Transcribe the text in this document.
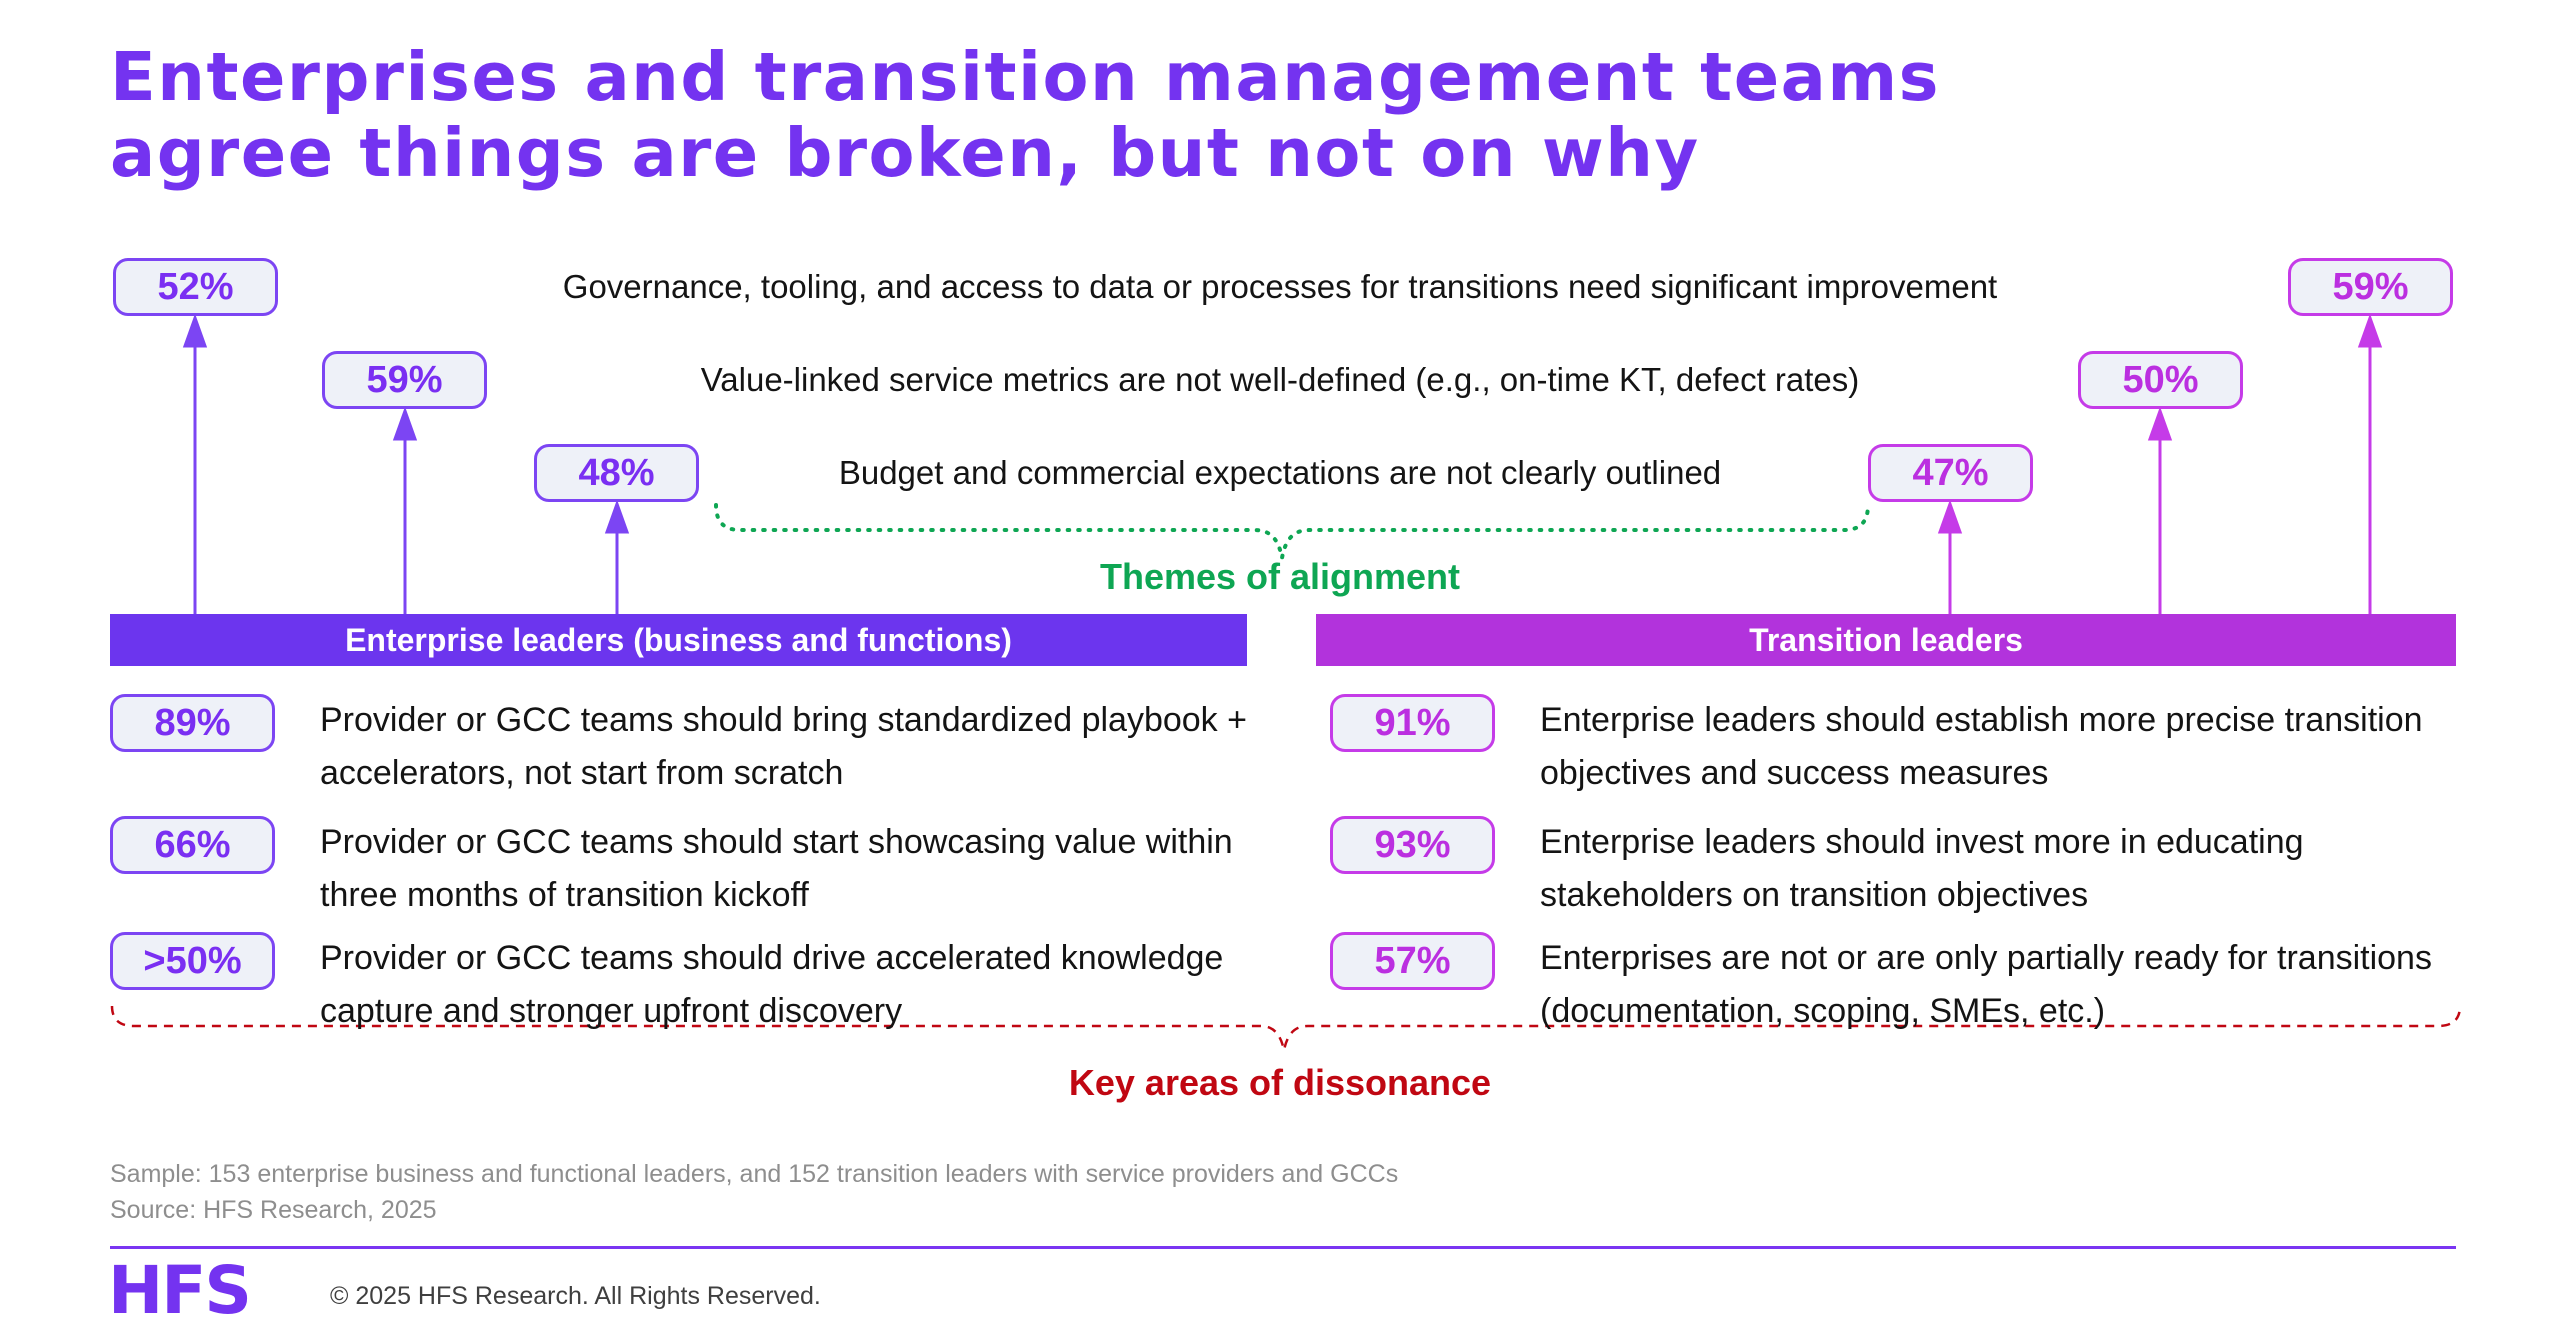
Enterprises and transition management teams
agree things are broken, but not on why
Governance, tooling, and access to data or processes for transitions need significant improvement
Value-linked service metrics are not well-defined (e.g., on-time KT, defect rates)
Budget and commercial expectations are not clearly outlined
52%
59%
48%	47%
50%
59%
Themes of alignment
Enterprise leaders (business and functions)	Transition leaders
89%	Provider or GCC teams should bring standardized playbook + accelerators, not start from scratch
66%	Provider or GCC teams should start showcasing value within three months of transition kickoff
>50%	Provider or GCC teams should drive accelerated knowledge capture and stronger upfront discovery
91%	Enterprise leaders should establish more precise transition objectives and success measures
93%	Enterprise leaders should invest more in educating stakeholders on transition objectives
57%	Enterprises are not or are only partially ready for transitions (documentation, scoping, SMEs, etc.)
Key areas of dissonance
Sample: 153 enterprise business and functional leaders, and 152 transition leaders with service providers and GCCs
Source: HFS Research, 2025
HFS	© 2025 HFS Research. All Rights Reserved.
